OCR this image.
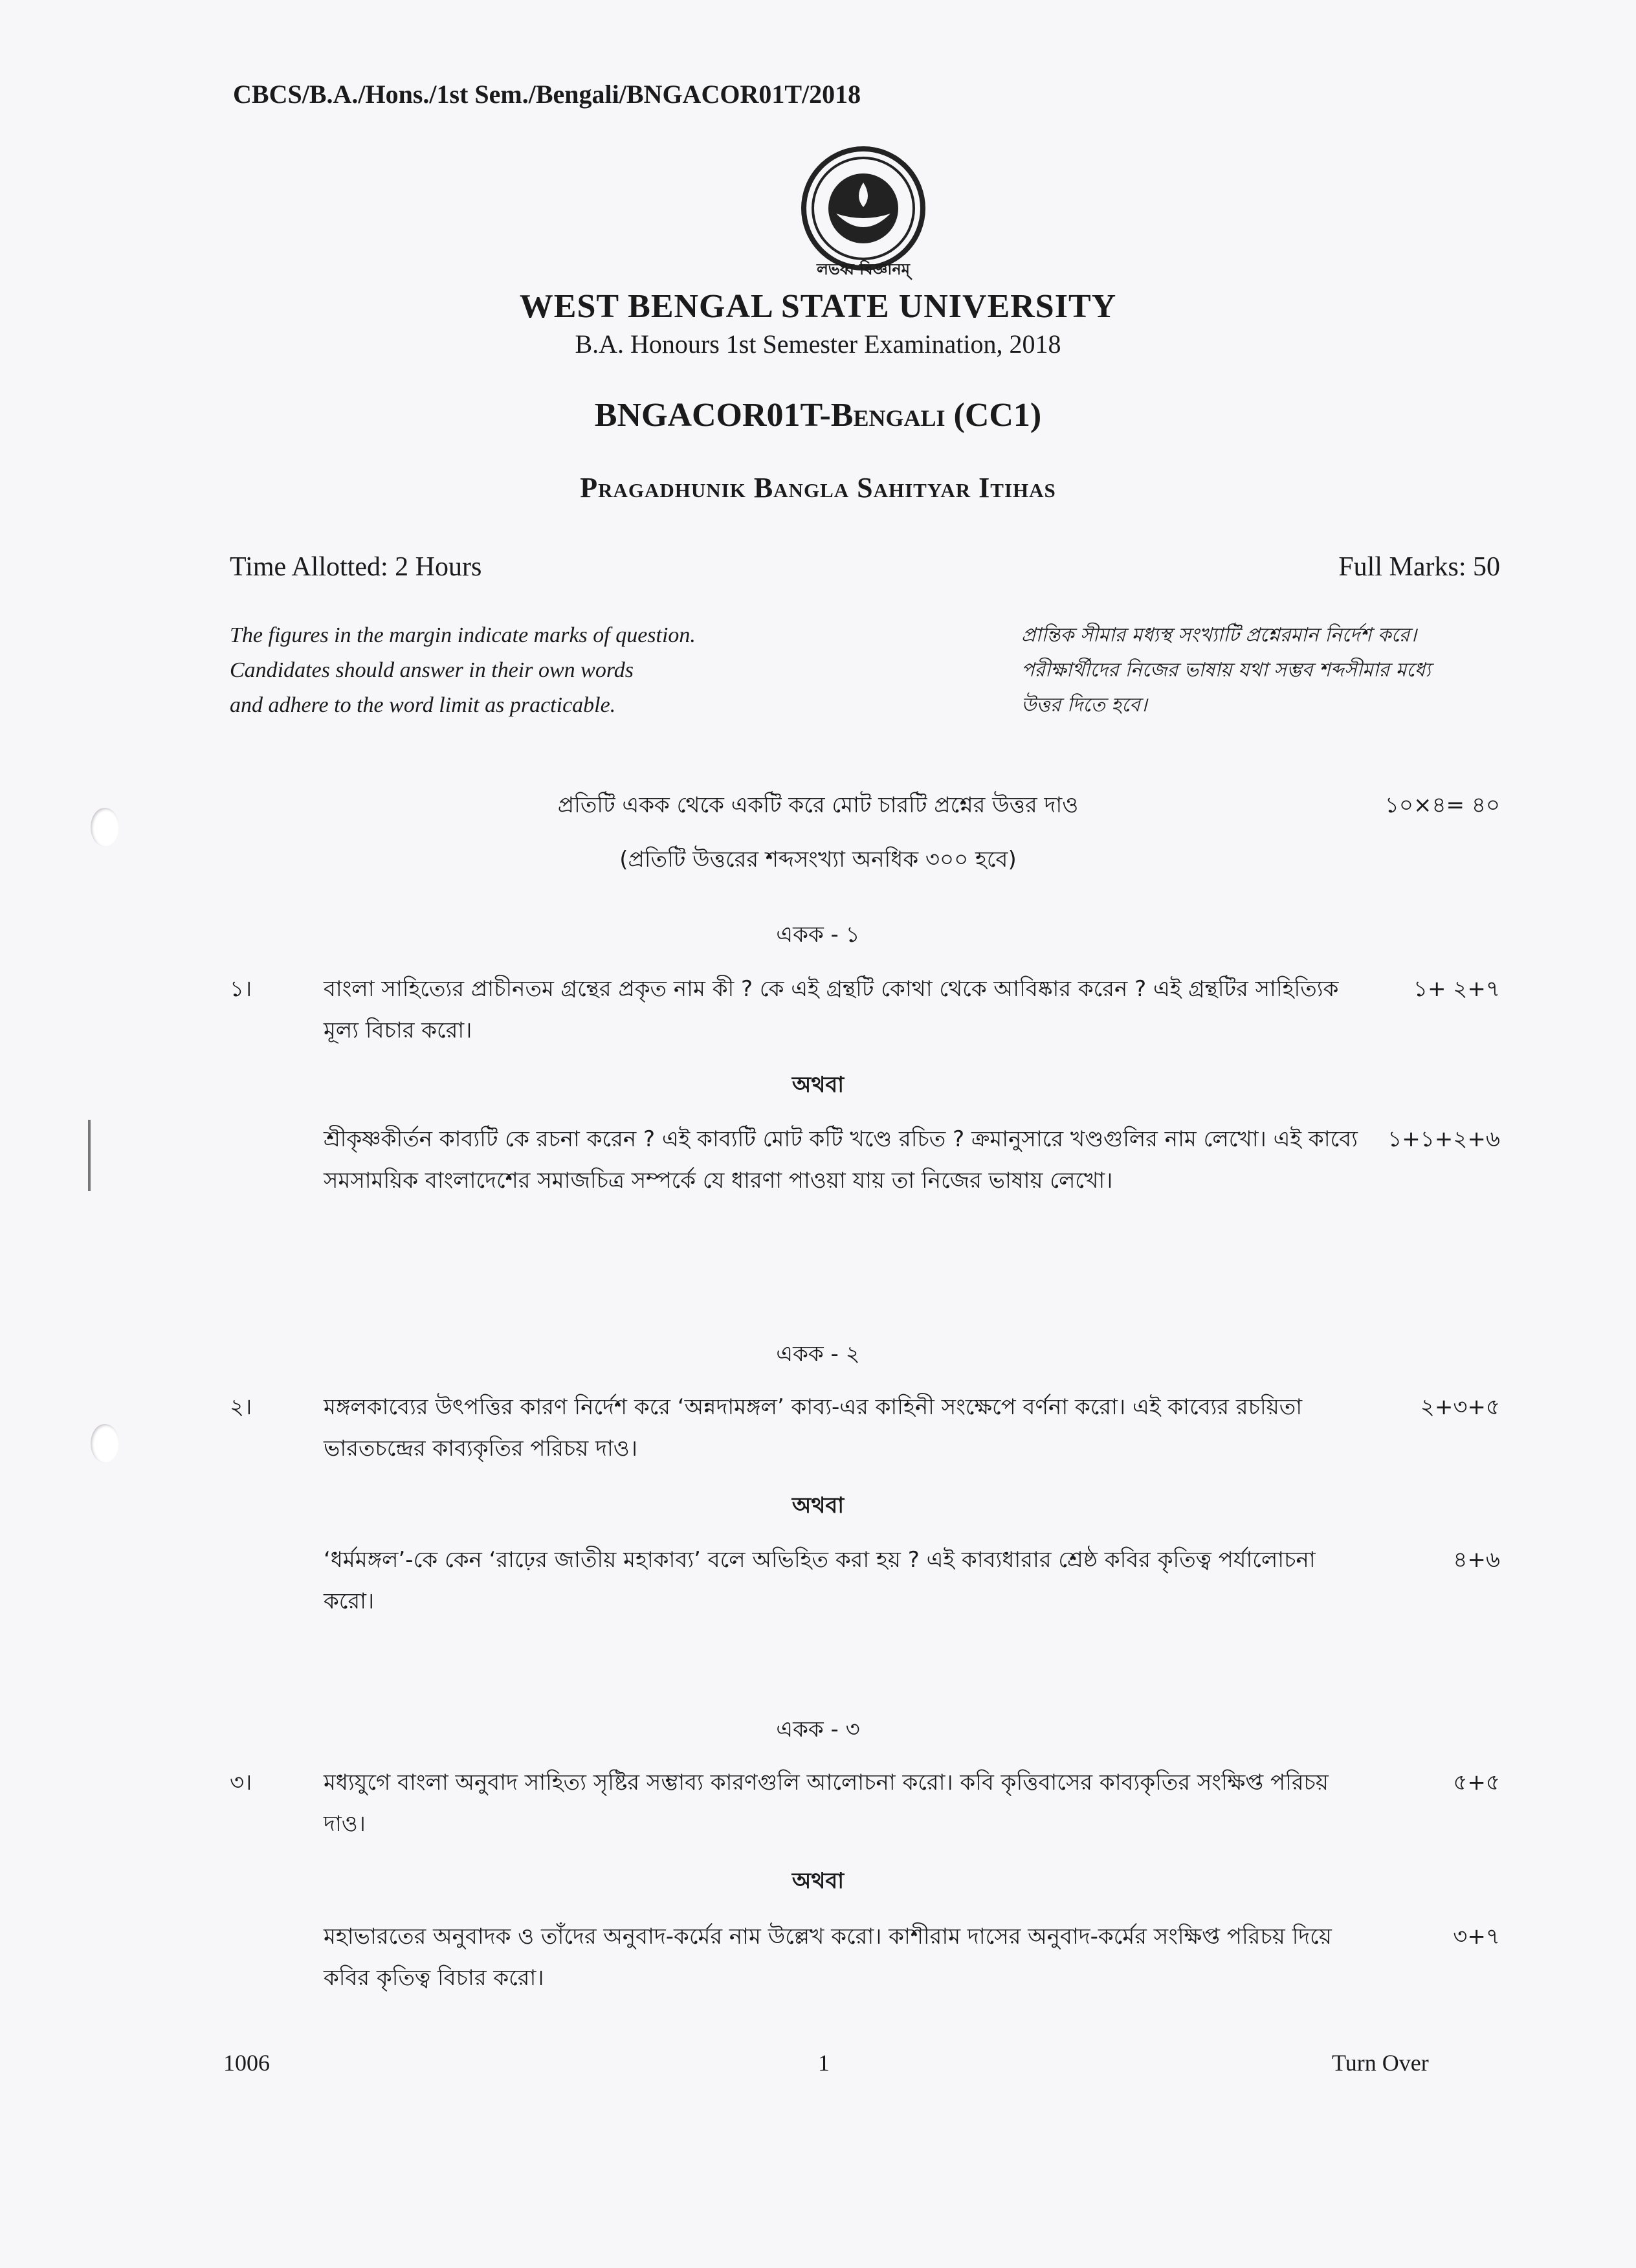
CBCS/B.A./Hons./1st Sem./Bengali/BNGACOR01T/2018
লভধ্ব বিজ্ঞানম্
WEST BENGAL STATE UNIVERSITY
B.A. Honours 1st Semester Examination, 2018
BNGACOR01T-Bengali (CC1)
Pragadhunik Bangla Sahityar Itihas
Time Allotted: 2 Hours	Full Marks: 50
The figures in the margin indicate marks of question.
Candidates should answer in their own words
and adhere to the word limit as practicable.
প্রান্তিক সীমার মধ্যস্থ সংখ্যাটি প্রশ্নেরমান নির্দেশ করে।
পরীক্ষার্থীদের নিজের ভাষায় যথা সম্ভব শব্দসীমার মধ্যে
উত্তর দিতে হবে।
প্রতিটি একক থেকে একটি করে মোট চারটি প্রশ্নের উত্তর দাও	১০×৪= ৪০
(প্রতিটি উত্তরের শব্দসংখ্যা অনধিক ৩০০ হবে)
একক - ১
১।	বাংলা সাহিত্যের প্রাচীনতম গ্রন্থের প্রকৃত নাম কী ? কে এই গ্রন্থটি কোথা থেকে আবিষ্কার করেন ? এই গ্রন্থটির সাহিত্যিক মূল্য বিচার করো।
১+ ২+৭
অথবা
শ্রীকৃষ্ণকীর্তন কাব্যটি কে রচনা করেন ? এই কাব্যটি মোট কটি খণ্ডে রচিত ? ক্রমানুসারে খণ্ডগুলির নাম লেখো। এই কাব্যে সমসাময়িক বাংলাদেশের সমাজচিত্র সম্পর্কে যে ধারণা পাওয়া যায় তা নিজের ভাষায় লেখো।
১+১+২+৬
একক - ২
২।	মঙ্গলকাব্যের উৎপত্তির কারণ নির্দেশ করে ‘অন্নদামঙ্গল’ কাব্য-এর কাহিনী সংক্ষেপে বর্ণনা করো। এই কাব্যের রচয়িতা ভারতচন্দ্রের কাব্যকৃতির পরিচয় দাও।
২+৩+৫
অথবা
‘ধর্মমঙ্গল’-কে কেন ‘রাঢ়ের জাতীয় মহাকাব্য’ বলে অভিহিত করা হয় ? এই কাব্যধারার শ্রেষ্ঠ কবির কৃতিত্ব পর্যালোচনা করো।
৪+৬
একক - ৩
৩।	মধ্যযুগে বাংলা অনুবাদ সাহিত্য সৃষ্টির সম্ভাব্য কারণগুলি আলোচনা করো। কবি কৃত্তিবাসের কাব্যকৃতির সংক্ষিপ্ত পরিচয় দাও।
৫+৫
অথবা
মহাভারতের অনুবাদক ও তাঁদের অনুবাদ-কর্মের নাম উল্লেখ করো। কাশীরাম দাসের অনুবাদ-কর্মের সংক্ষিপ্ত পরিচয় দিয়ে কবির কৃতিত্ব বিচার করো।
৩+৭
1006	1	Turn Over
